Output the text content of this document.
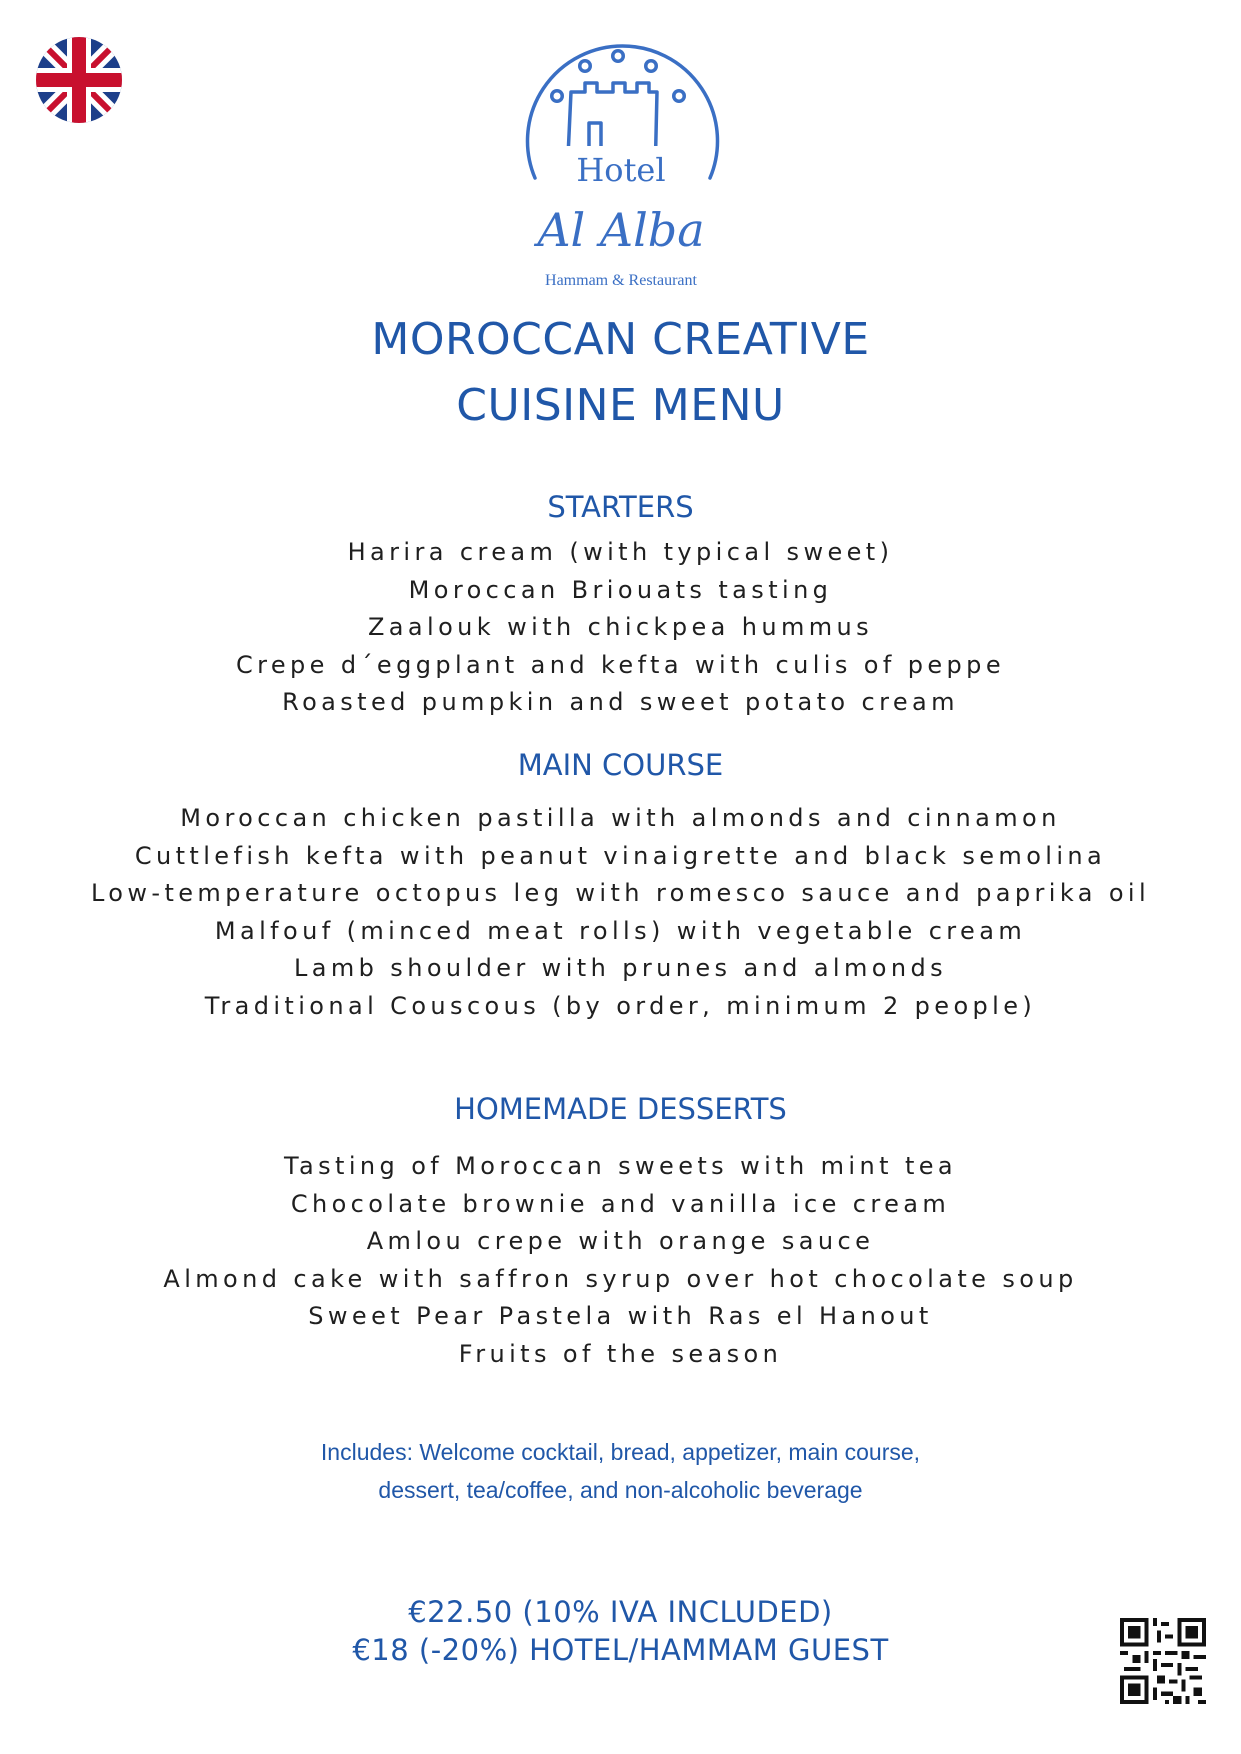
Hotel
Al Alba
Hammam & Restaurant
MOROCCAN CREATIVE
CUISINE MENU
STARTERS
Harira cream (with typical sweet)
Moroccan Briouats tasting
Zaalouk with chickpea hummus
Crepe d´eggplant and kefta with culis of peppe
Roasted pumpkin and sweet potato cream
MAIN COURSE
Moroccan chicken pastilla with almonds and cinnamon
Cuttlefish kefta with peanut vinaigrette and black semolina
Low-temperature octopus leg with romesco sauce and paprika oil
Malfouf (minced meat rolls) with vegetable cream
Lamb shoulder with prunes and almonds
Traditional Couscous (by order, minimum 2 people)
HOMEMADE DESSERTS
Tasting of Moroccan sweets with mint tea
Chocolate brownie and vanilla ice cream
Amlou crepe with orange sauce
Almond cake with saffron syrup over hot chocolate soup
Sweet Pear Pastela with Ras el Hanout
Fruits of the season
Includes: Welcome cocktail, bread, appetizer, main course,
dessert, tea/coffee, and non-alcoholic beverage
€22.50 (10% IVA INCLUDED)
€18 (-20%) HOTEL/HAMMAM GUEST
